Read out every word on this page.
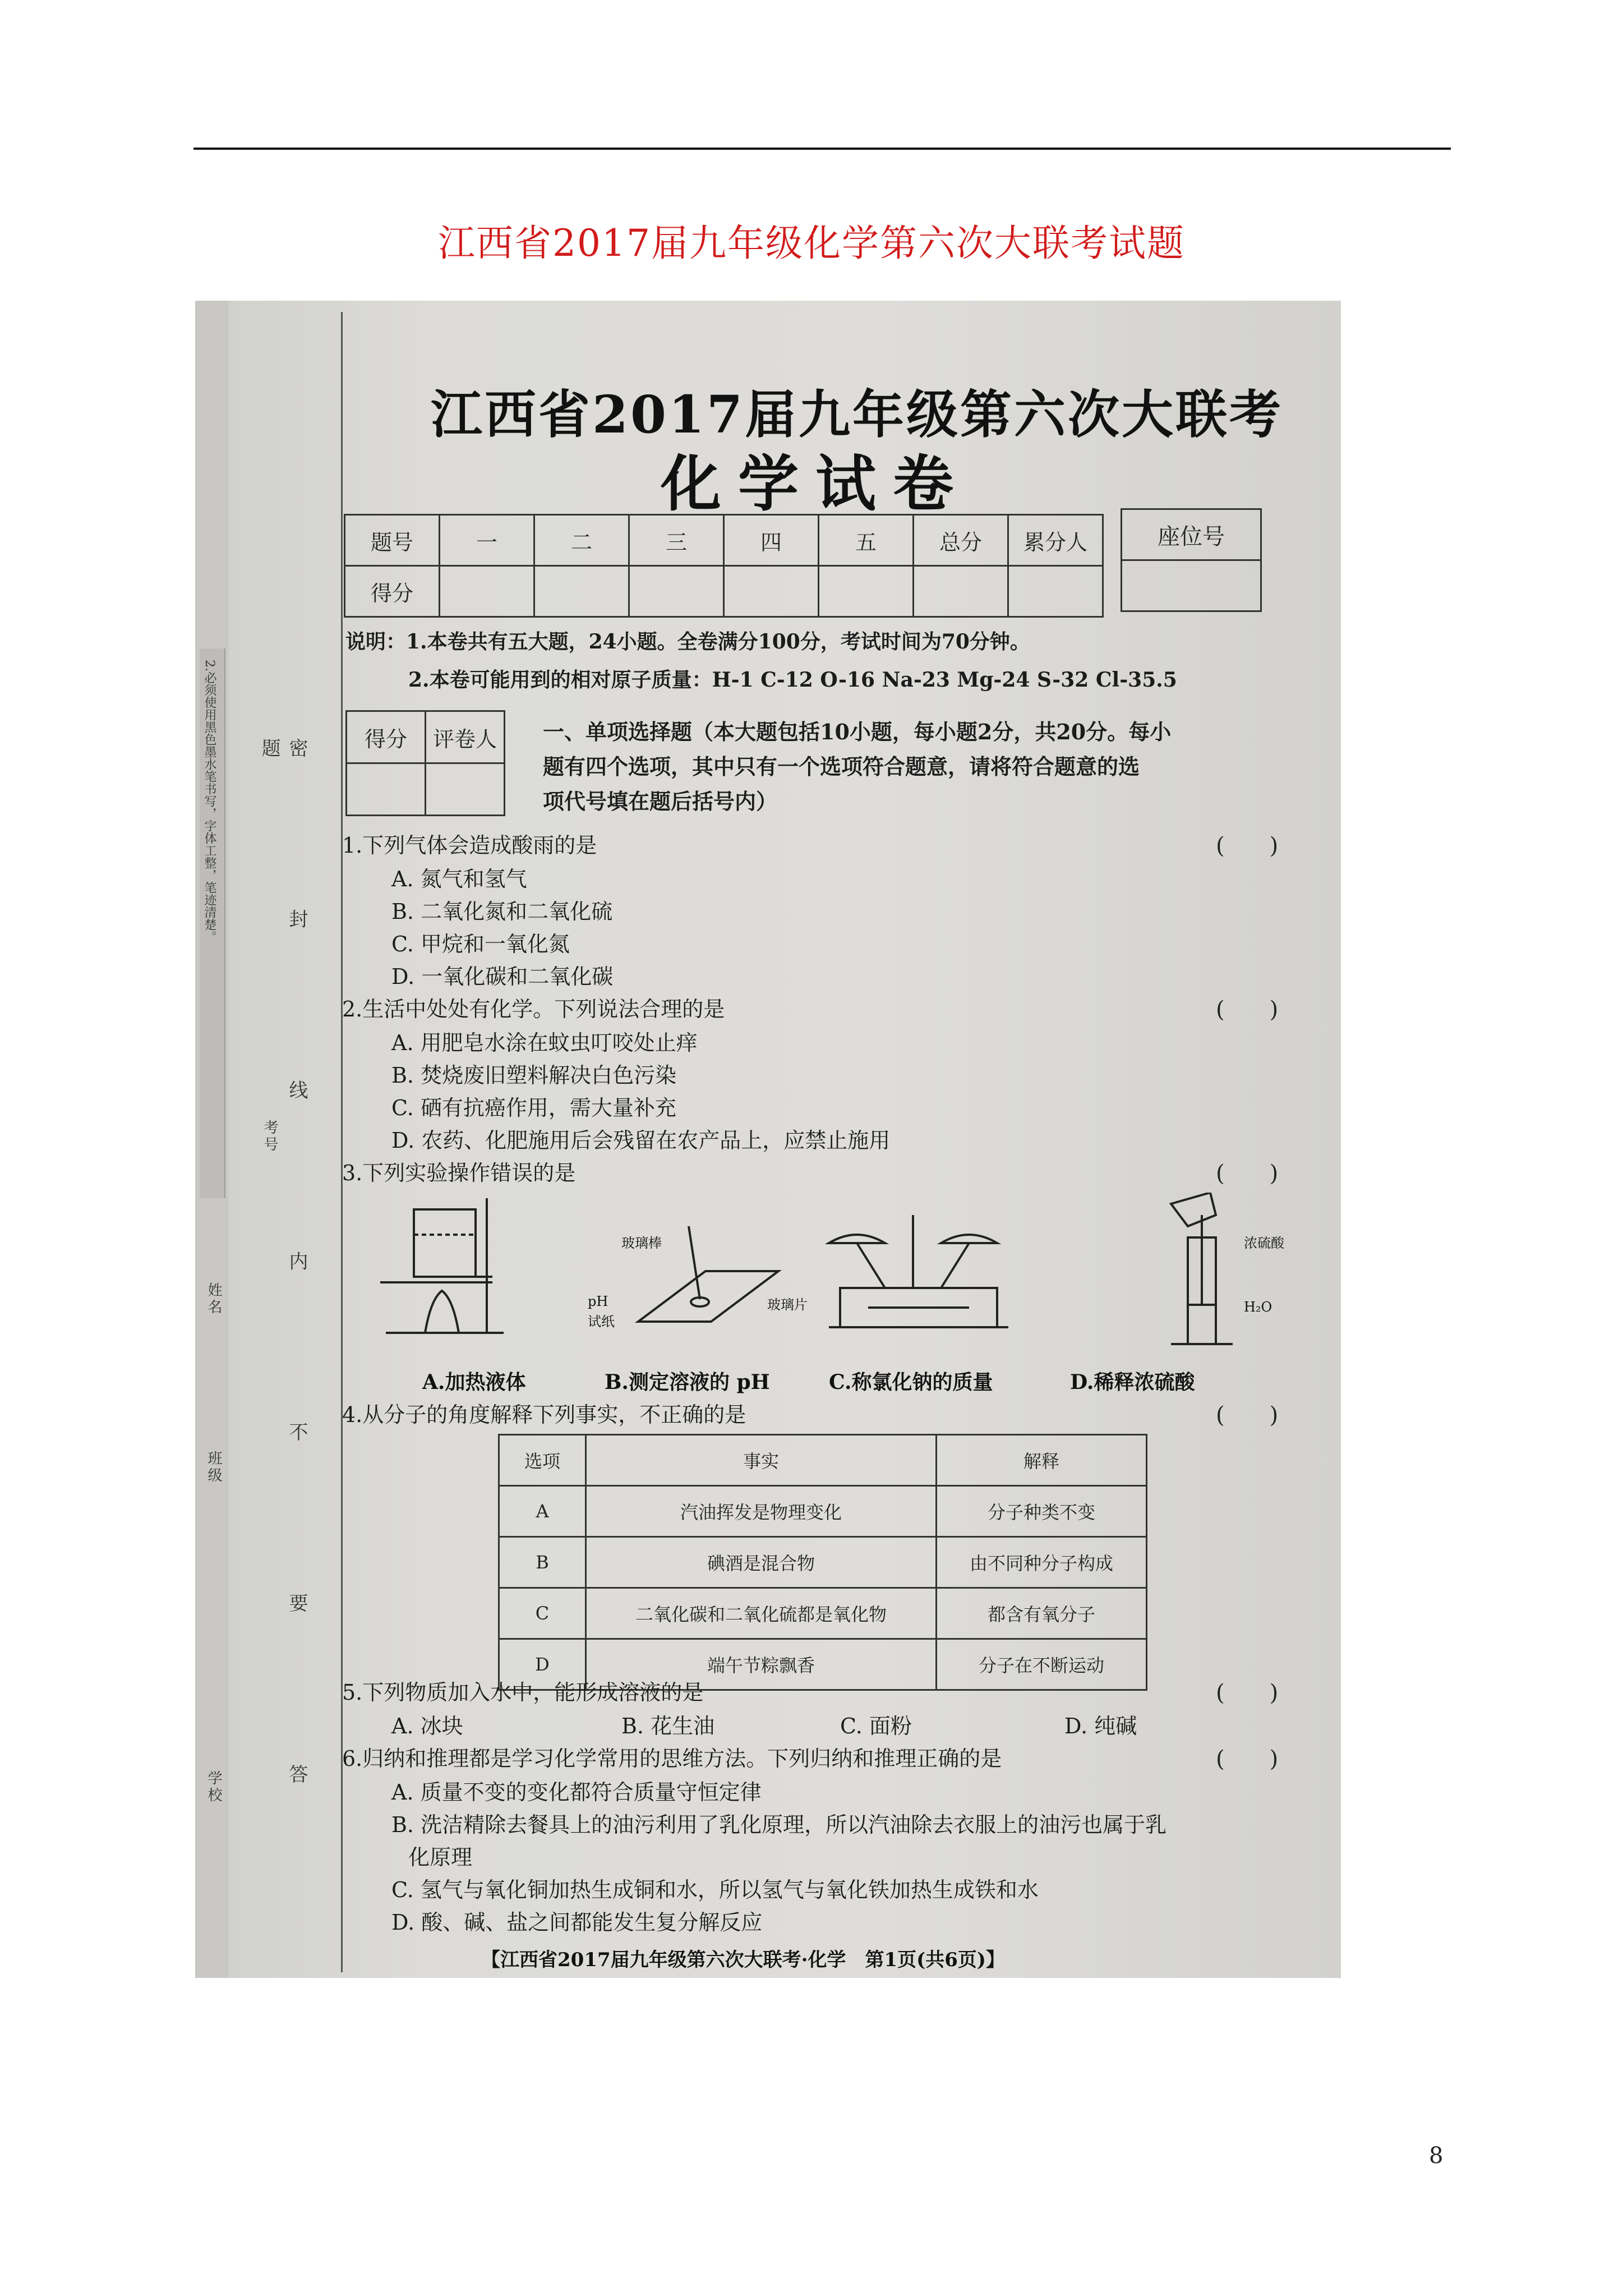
江西省2017届九年级化学第六次大联考试题
2.必须使用黑色墨水笔书写，字体工整，笔迹清楚。
考号
姓名
班级
学校	密 封 线 内 不 要 答 题
江西省2017届九年级第六次大联考
化学试卷
题号	一	二	三	四	五	总分	累分人
得分							
座位号

说明：1.本卷共有五大题，24小题。全卷满分100分，考试时间为70分钟。
2.本卷可能用到的相对原子质量：H-1 C-12 O-16 Na-23 Mg-24 S-32 Cl-35.5
得分	评卷人
	一、单项选择题（本大题包括10小题，每小题2分，共20分。每小
题有四个选项，其中只有一个选项符合题意，请将符合题意的选
项代号填在题后括号内）
1.下列气体会造成酸雨的是	(　　)
A. 氮气和氢气
B. 二氧化氮和二氧化硫
C. 甲烷和一氧化氮
D. 一氧化碳和二氧化碳
2.生活中处处有化学。下列说法合理的是	(　　)
A. 用肥皂水涂在蚊虫叮咬处止痒
B. 焚烧废旧塑料解决白色污染
C. 硒有抗癌作用，需大量补充
D. 农药、化肥施用后会残留在农产品上，应禁止施用
3.下列实验操作错误的是	(　　)
玻璃棒
pH
试纸
玻璃片
浓硫酸
H₂O
A.加热液体	B.测定溶液的 pH	C.称氯化钠的质量	D.稀释浓硫酸
4.从分子的角度解释下列事实，不正确的是	(　　)
选项	事实	解释
A	汽油挥发是物理变化	分子种类不变
B	碘酒是混合物	由不同种分子构成
C	二氧化碳和二氧化硫都是氧化物	都含有氧分子
D	端午节粽飘香	分子在不断运动
5.下列物质加入水中，能形成溶液的是	(　　)
A. 冰块	B. 花生油	C. 面粉	D. 纯碱
6.归纳和推理都是学习化学常用的思维方法。下列归纳和推理正确的是	(　　)
A. 质量不变的变化都符合质量守恒定律
B. 洗洁精除去餐具上的油污利用了乳化原理，所以汽油除去衣服上的油污也属于乳
化原理
C. 氢气与氧化铜加热生成铜和水，所以氢气与氧化铁加热生成铁和水
D. 酸、碱、盐之间都能发生复分解反应
【江西省2017届九年级第六次大联考·化学　第1页(共6页)】
8
